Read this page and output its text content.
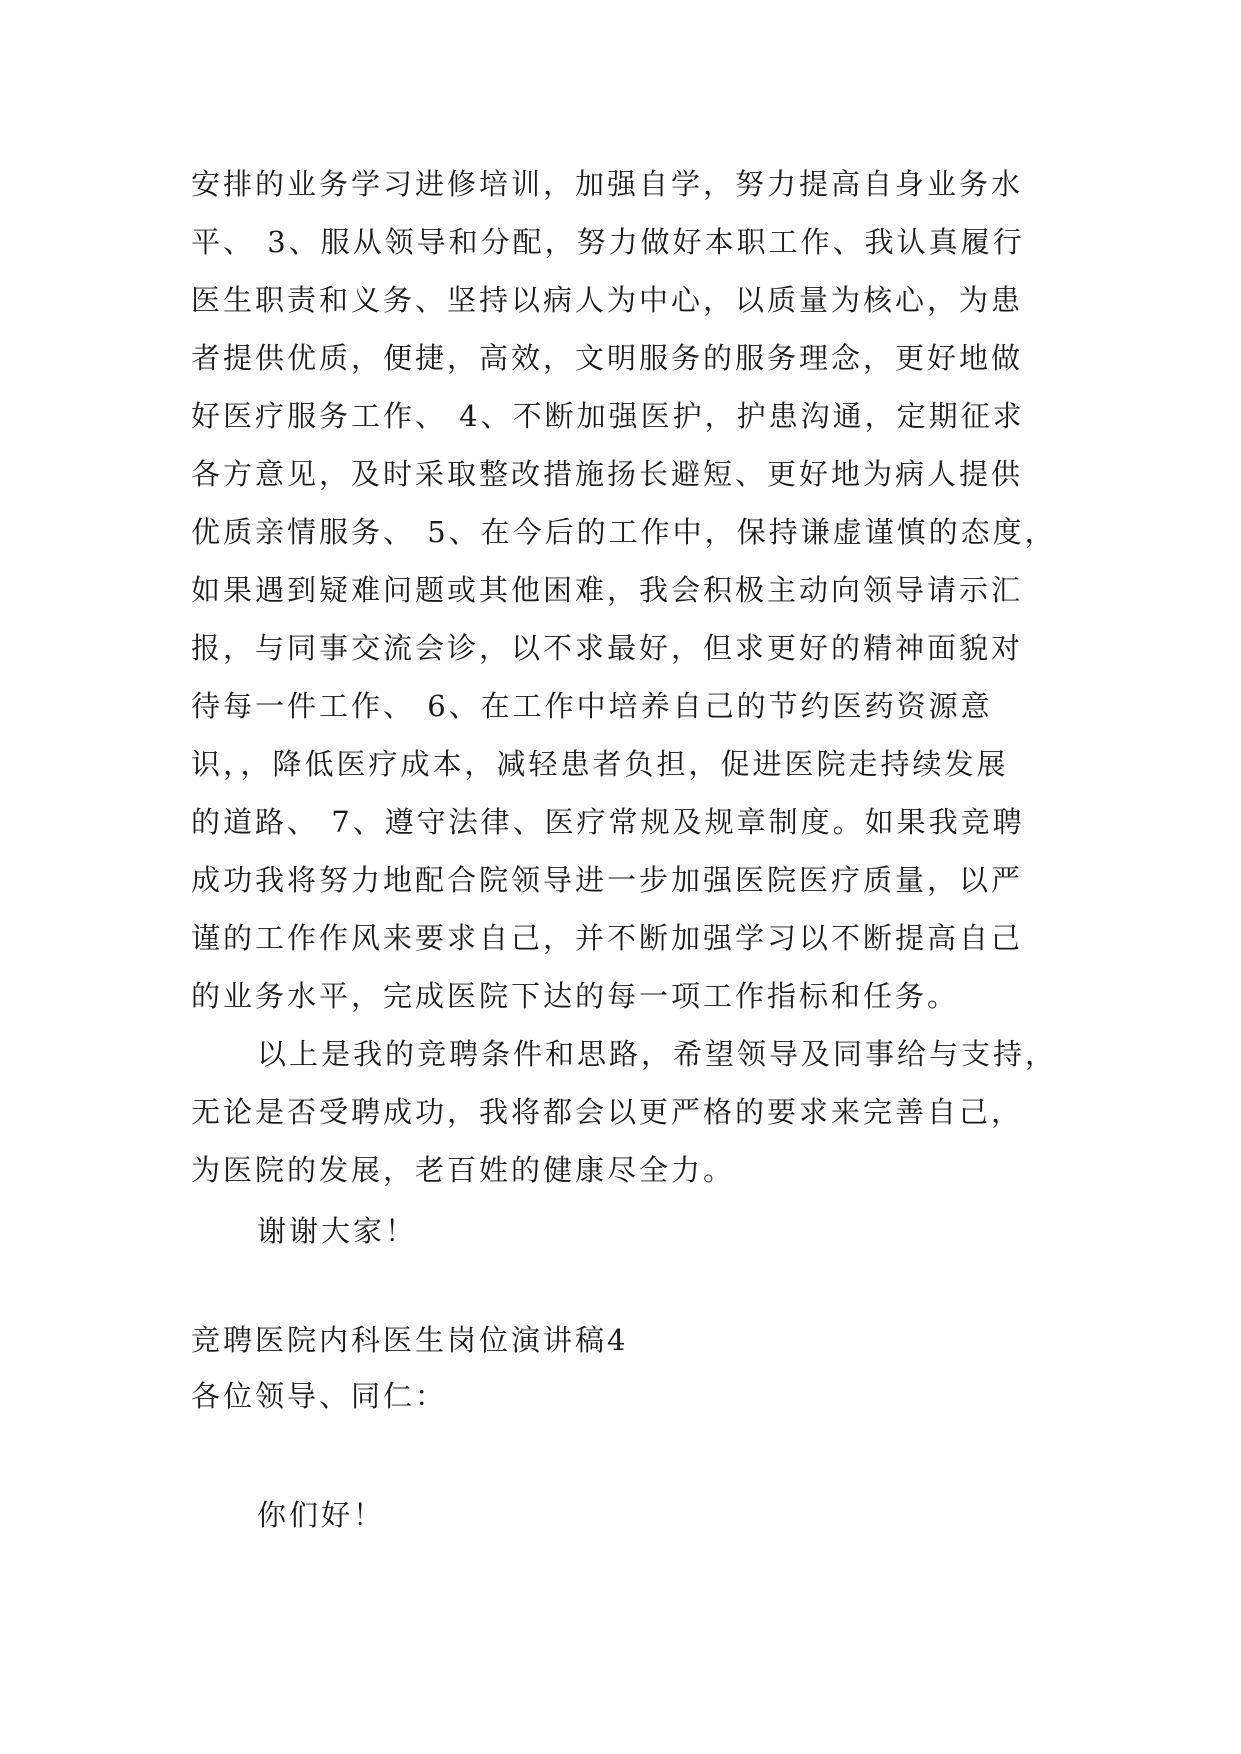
安排的业务学习进修培训，加强自学，努力提高自身业务水
平、 3、服从领导和分配，努力做好本职工作、我认真履行
医生职责和义务、坚持以病人为中心，以质量为核心，为患
者提供优质，便捷，高效，文明服务的服务理念，更好地做
好医疗服务工作、 4、不断加强医护，护患沟通，定期征求
各方意见，及时采取整改措施扬长避短、更好地为病人提供
优质亲情服务、 5、在今后的工作中，保持谦虚谨慎的态度，
如果遇到疑难问题或其他困难，我会积极主动向领导请示汇
报，与同事交流会诊，以不求最好，但求更好的精神面貌对
待每一件工作、 6、在工作中培养自己的节约医药资源意
识，，降低医疗成本，减轻患者负担，促进医院走持续发展
的道路、 7、遵守法律、医疗常规及规章制度。如果我竞聘
成功我将努力地配合院领导进一步加强医院医疗质量，以严
谨的工作作风来要求自己，并不断加强学习以不断提高自己
的业务水平，完成医院下达的每一项工作指标和任务。
以上是我的竞聘条件和思路，希望领导及同事给与支持，
无论是否受聘成功，我将都会以更严格的要求来完善自己，
为医院的发展，老百姓的健康尽全力。
谢谢大家！
竞聘医院内科医生岗位演讲稿4
各位领导、同仁：
你们好！
